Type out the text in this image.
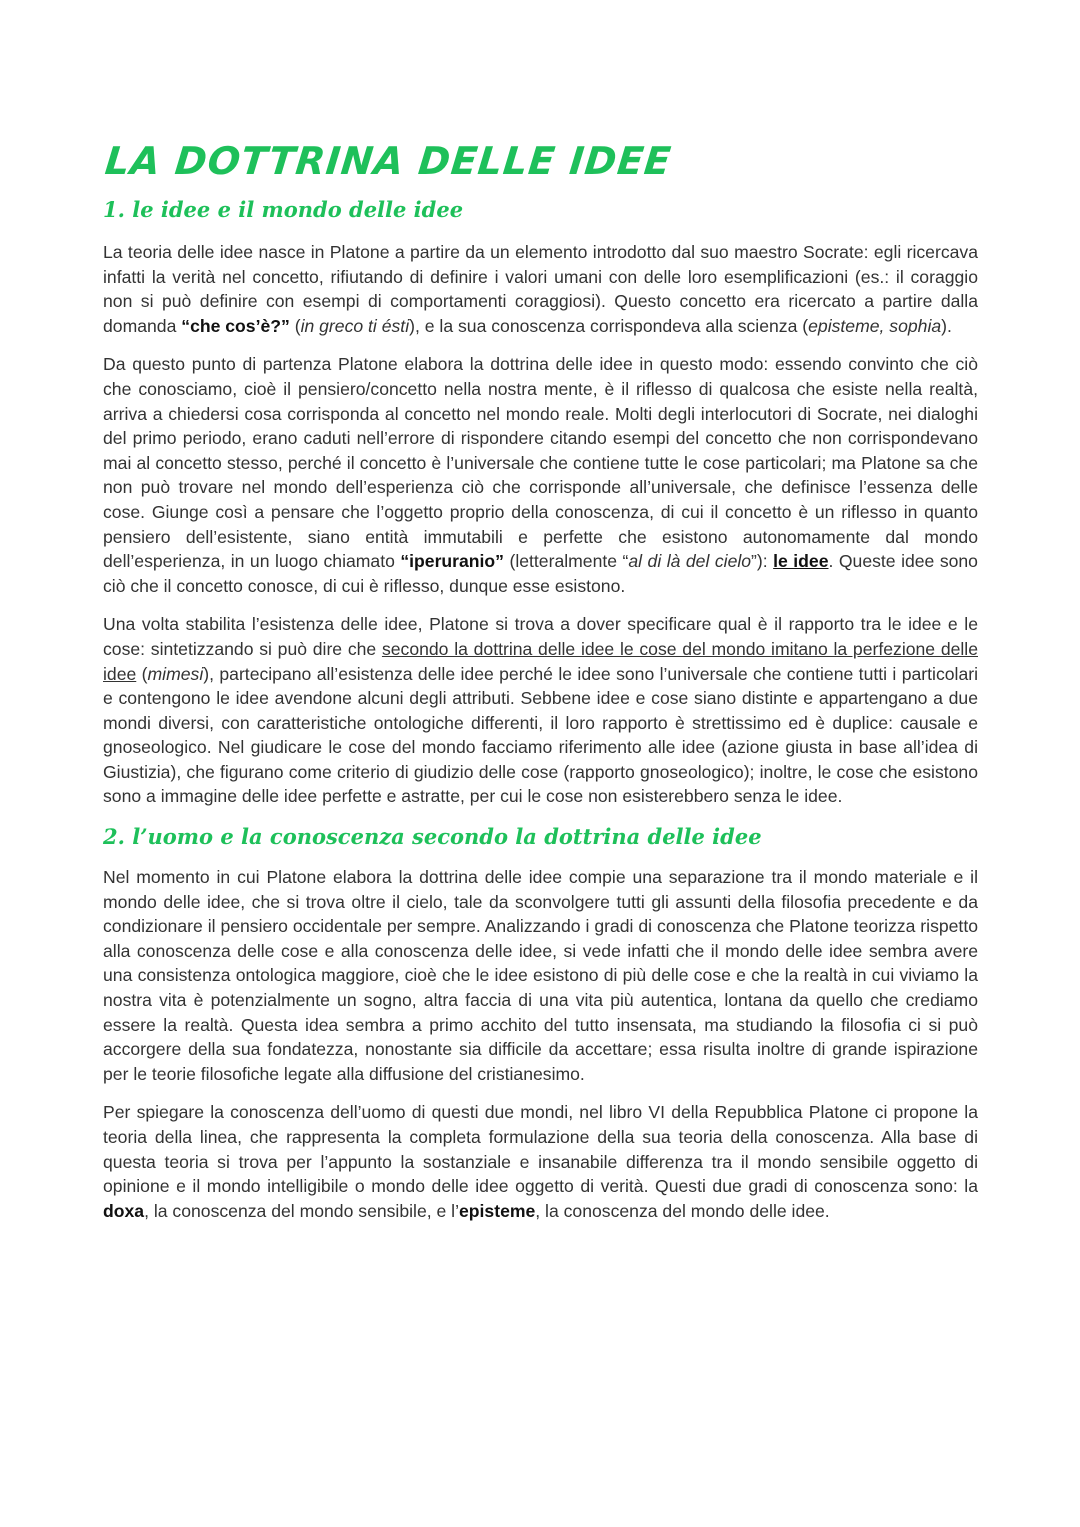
LA DOTTRINA DELLE IDEE
1. le idee e il mondo delle idee

La teoria delle idee nasce in Platone a partire da un elemento introdotto dal suo maestro Socrate: egli ricercava infatti la verità nel concetto, rifiutando di definire i valori umani con delle loro esemplificazioni (es.: il coraggio non si può definire con esempi di comportamenti coraggiosi). Questo concetto era ricercato a partire dalla domanda “che cos’è?” (in greco ti ésti), e la sua conoscenza corrispondeva alla scienza (episteme, sophia).

Da questo punto di partenza Platone elabora la dottrina delle idee in questo modo: essendo convinto che ciò che conosciamo, cioè il pensiero/concetto nella nostra mente, è il riflesso di qualcosa che esiste nella realtà, arriva a chiedersi cosa corrisponda al concetto nel mondo reale. Molti degli interlocutori di Socrate, nei dialoghi del primo periodo, erano caduti nell’errore di rispondere citando esempi del concetto che non corrispondevano mai al concetto stesso, perché il concetto è l’universale che contiene tutte le cose particolari; ma Platone sa che non può trovare nel mondo dell’esperienza ciò che corrisponde all’universale, che definisce l’essenza delle cose. Giunge così a pensare che l’oggetto proprio della conoscenza, di cui il concetto è un riflesso in quanto pensiero dell’esistente, siano entità immutabili e perfette che esistono autonomamente dal mondo dell’esperienza, in un luogo chiamato “iperuranio” (letteralmente “al di là del cielo”): le idee. Queste idee sono ciò che il concetto conosce, di cui è riflesso, dunque esse esistono.

Una volta stabilita l’esistenza delle idee, Platone si trova a dover specificare qual è il rapporto tra le idee e le cose: sintetizzando si può dire che secondo la dottrina delle idee le cose del mondo imitano la perfezione delle idee (mimesi), partecipano all’esistenza delle idee perché le idee sono l’universale che contiene tutti i particolari e contengono le idee avendone alcuni degli attributi. Sebbene idee e cose siano distinte e appartengano a due mondi diversi, con caratteristiche ontologiche differenti, il loro rapporto è strettissimo ed è duplice: causale e gnoseologico. Nel giudicare le cose del mondo facciamo riferimento alle idee (azione giusta in base all’idea di Giustizia), che figurano come criterio di giudizio delle cose (rapporto gnoseologico); inoltre, le cose che esistono sono a immagine delle idee perfette e astratte, per cui le cose non esisterebbero senza le idee.

2. l’uomo e la conoscenza secondo la dottrina delle idee

Nel momento in cui Platone elabora la dottrina delle idee compie una separazione tra il mondo materiale e il mondo delle idee, che si trova oltre il cielo, tale da sconvolgere tutti gli assunti della filosofia precedente e da condizionare il pensiero occidentale per sempre. Analizzando i gradi di conoscenza che Platone teorizza rispetto alla conoscenza delle cose e alla conoscenza delle idee, si vede infatti che il mondo delle idee sembra avere una consistenza ontologica maggiore, cioè che le idee esistono di più delle cose e che la realtà in cui viviamo la nostra vita è potenzialmente un sogno, altra faccia di una vita più autentica, lontana da quello che crediamo essere la realtà. Questa idea sembra a primo acchito del tutto insensata, ma studiando la filosofia ci si può accorgere della sua fondatezza, nonostante sia difficile da accettare; essa risulta inoltre di grande ispirazione per le teorie filosofiche legate alla diffusione del cristianesimo.

Per spiegare la conoscenza dell’uomo di questi due mondi, nel libro VI della Repubblica Platone ci propone la teoria della linea, che rappresenta la completa formulazione della sua teoria della conoscenza. Alla base di questa teoria si trova per l’appunto la sostanziale e insanabile differenza tra il mondo sensibile oggetto di opinione e il mondo intelligibile o mondo delle idee oggetto di verità. Questi due gradi di conoscenza sono: la doxa, la conoscenza del mondo sensibile, e l’episteme, la conoscenza del mondo delle idee.
